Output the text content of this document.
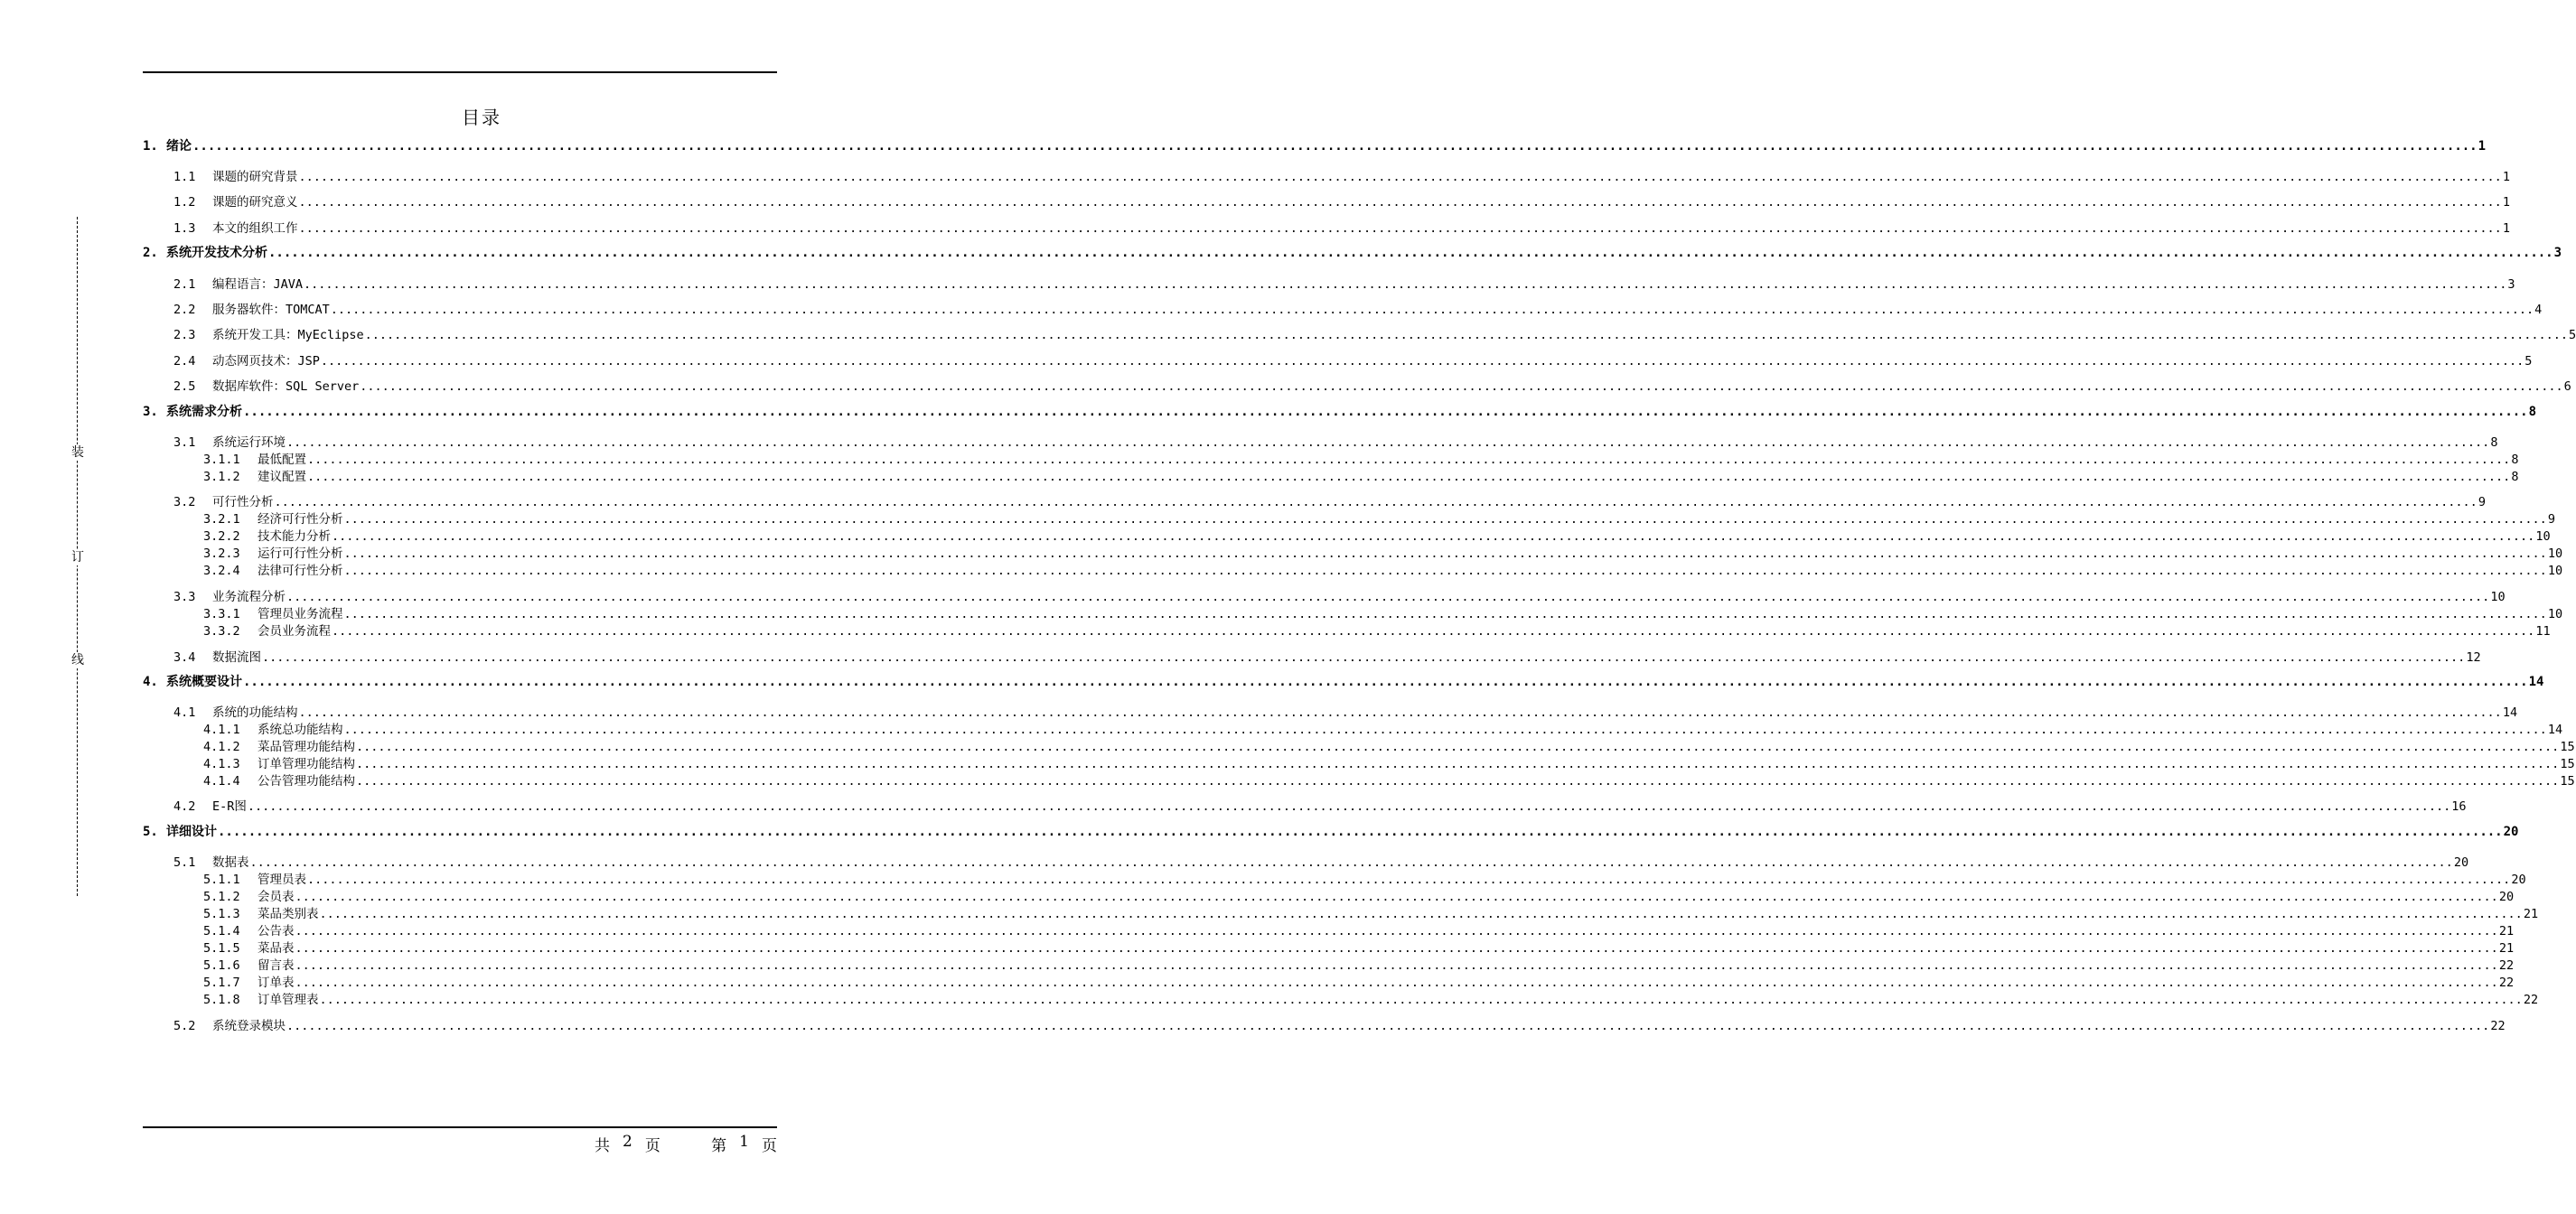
目录
装
订
线
1. 绪论 ............................................................................................................................................................................................................................................................................................................ 1
1.1	课题的研究背景 ............................................................................................................................................................................................................................................................................................................ 1
1.2	课题的研究意义 ............................................................................................................................................................................................................................................................................................................ 1
1.3	本文的组织工作 ............................................................................................................................................................................................................................................................................................................ 1
2. 系统开发技术分析 ............................................................................................................................................................................................................................................................................................................ 3
2.1	编程语言：JAVA ............................................................................................................................................................................................................................................................................................................ 3
2.2	服务器软件：TOMCAT ............................................................................................................................................................................................................................................................................................................ 4
2.3	系统开发工具：MyEclipse ............................................................................................................................................................................................................................................................................................................ 5
2.4	动态网页技术：JSP ............................................................................................................................................................................................................................................................................................................ 5
2.5	数据库软件：SQL Server ............................................................................................................................................................................................................................................................................................................ 6
3. 系统需求分析 ............................................................................................................................................................................................................................................................................................................ 8
3.1	系统运行环境 ............................................................................................................................................................................................................................................................................................................ 8
3.1.1	最低配置 ............................................................................................................................................................................................................................................................................................................ 8
3.1.2	建议配置 ............................................................................................................................................................................................................................................................................................................ 8
3.2	可行性分析 ............................................................................................................................................................................................................................................................................................................ 9
3.2.1	经济可行性分析 ............................................................................................................................................................................................................................................................................................................ 9
3.2.2	技术能力分析 ............................................................................................................................................................................................................................................................................................................ 10
3.2.3	运行可行性分析 ............................................................................................................................................................................................................................................................................................................ 10
3.2.4	法律可行性分析 ............................................................................................................................................................................................................................................................................................................ 10
3.3	业务流程分析 ............................................................................................................................................................................................................................................................................................................ 10
3.3.1	管理员业务流程 ............................................................................................................................................................................................................................................................................................................ 10
3.3.2	会员业务流程 ............................................................................................................................................................................................................................................................................................................ 11
3.4	数据流图 ............................................................................................................................................................................................................................................................................................................ 12
4. 系统概要设计 ............................................................................................................................................................................................................................................................................................................ 14
4.1	系统的功能结构 ............................................................................................................................................................................................................................................................................................................ 14
4.1.1	系统总功能结构 ............................................................................................................................................................................................................................................................................................................ 14
4.1.2	菜品管理功能结构 ............................................................................................................................................................................................................................................................................................................ 15
4.1.3	订单管理功能结构 ............................................................................................................................................................................................................................................................................................................ 15
4.1.4	公告管理功能结构 ............................................................................................................................................................................................................................................................................................................ 15
4.2	E-R图 ............................................................................................................................................................................................................................................................................................................ 16
5. 详细设计 ............................................................................................................................................................................................................................................................................................................ 20
5.1	数据表 ............................................................................................................................................................................................................................................................................................................ 20
5.1.1	管理员表 ............................................................................................................................................................................................................................................................................................................ 20
5.1.2	会员表 ............................................................................................................................................................................................................................................................................................................ 20
5.1.3	菜品类别表 ............................................................................................................................................................................................................................................................................................................ 21
5.1.4	公告表 ............................................................................................................................................................................................................................................................................................................ 21
5.1.5	菜品表 ............................................................................................................................................................................................................................................................................................................ 21
5.1.6	留言表 ............................................................................................................................................................................................................................................................................................................ 22
5.1.7	订单表 ............................................................................................................................................................................................................................................................................................................ 22
5.1.8	订单管理表 ............................................................................................................................................................................................................................................................................................................ 22
5.2	系统登录模块 ............................................................................................................................................................................................................................................................................................................ 22
共 2 页	第 1 页
